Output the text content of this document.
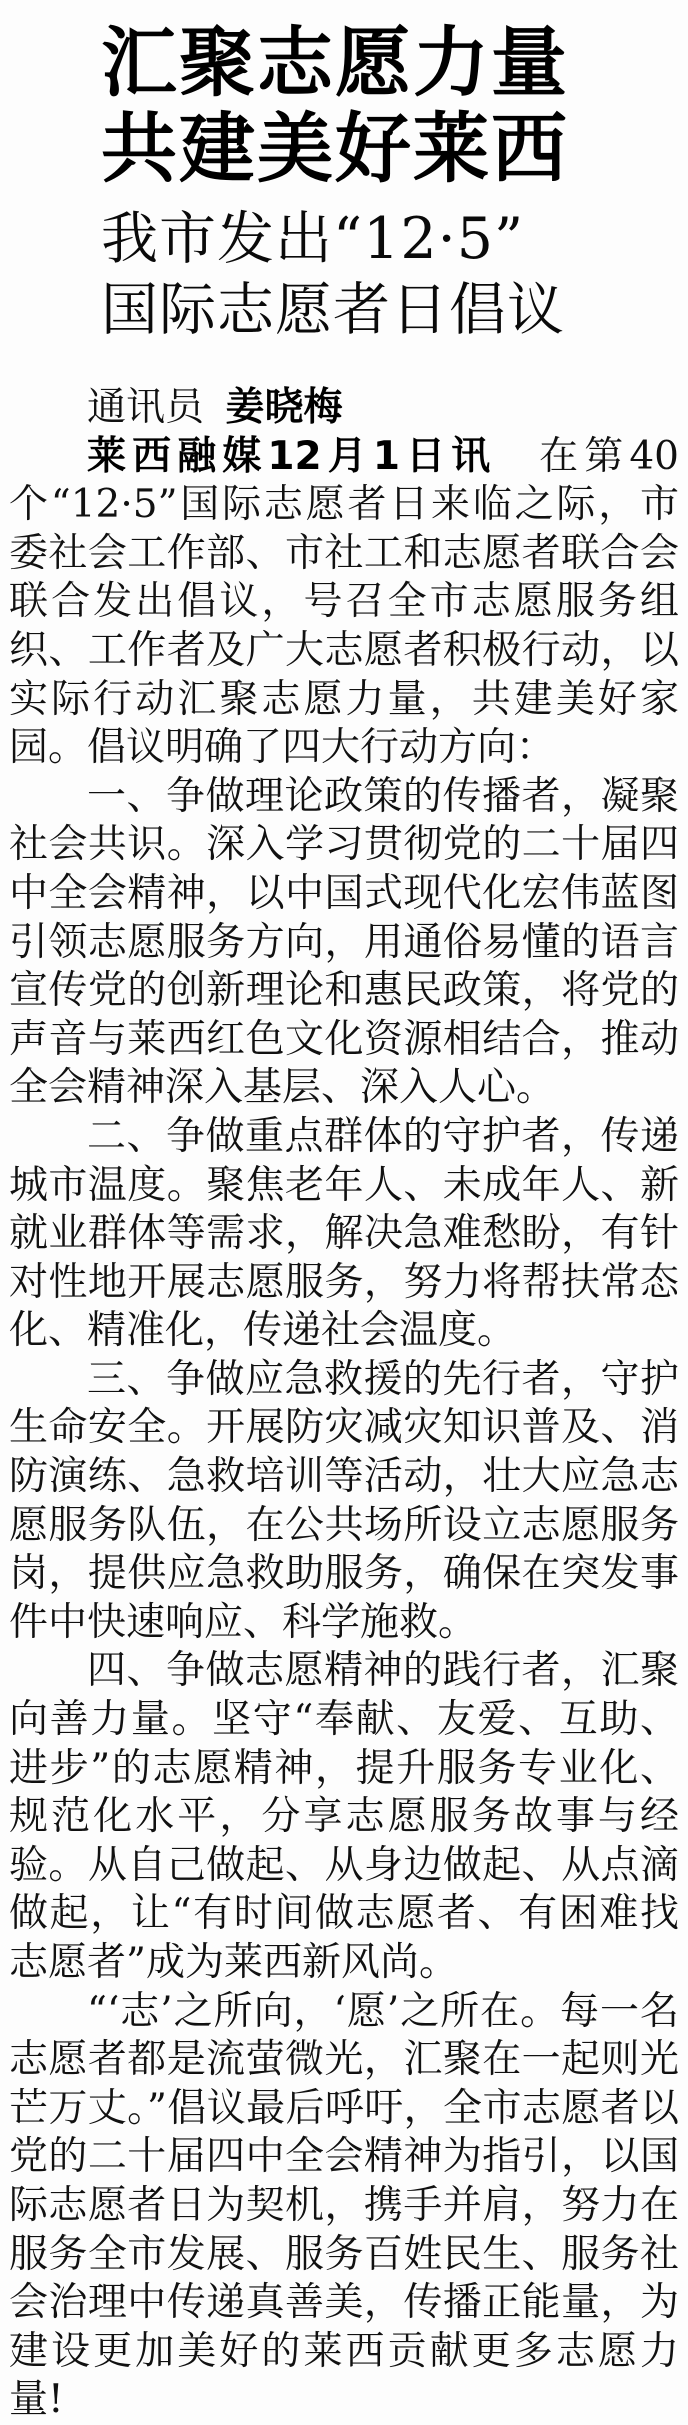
汇聚志愿力量
共建美好莱西
我市发出“12·5”
国际志愿者日倡议

通讯员 姜晓梅

莱西融媒12月1日讯 在第40个“12·5”国际志愿者日来临之际，市委社会工作部、市社工和志愿者联合会联合发出倡议，号召全市志愿服务组织、工作者及广大志愿者积极行动，以实际行动汇聚志愿力量，共建美好家园。倡议明确了四大行动方向：

一、争做理论政策的传播者，凝聚社会共识。深入学习贯彻党的二十届四中全会精神，以中国式现代化宏伟蓝图引领志愿服务方向，用通俗易懂的语言宣传党的创新理论和惠民政策，将党的声音与莱西红色文化资源相结合，推动全会精神深入基层、深入人心。

二、争做重点群体的守护者，传递城市温度。聚焦老年人、未成年人、新就业群体等需求，解决急难愁盼，有针对性地开展志愿服务，努力将帮扶常态化、精准化，传递社会温度。

三、争做应急救援的先行者，守护生命安全。开展防灾减灾知识普及、消防演练、急救培训等活动，壮大应急志愿服务队伍，在公共场所设立志愿服务岗，提供应急救助服务，确保在突发事件中快速响应、科学施救。

四、争做志愿精神的践行者，汇聚向善力量。坚守“奉献、友爱、互助、进步”的志愿精神，提升服务专业化、规范化水平，分享志愿服务故事与经验。从自己做起、从身边做起、从点滴做起，让“有时间做志愿者、有困难找志愿者”成为莱西新风尚。

“‘志’之所向，‘愿’之所在。每一名志愿者都是流萤微光，汇聚在一起则光芒万丈。”倡议最后呼吁，全市志愿者以党的二十届四中全会精神为指引，以国际志愿者日为契机，携手并肩，努力在服务全市发展、服务百姓民生、服务社会治理中传递真善美，传播正能量，为建设更加美好的莱西贡献更多志愿力量!
